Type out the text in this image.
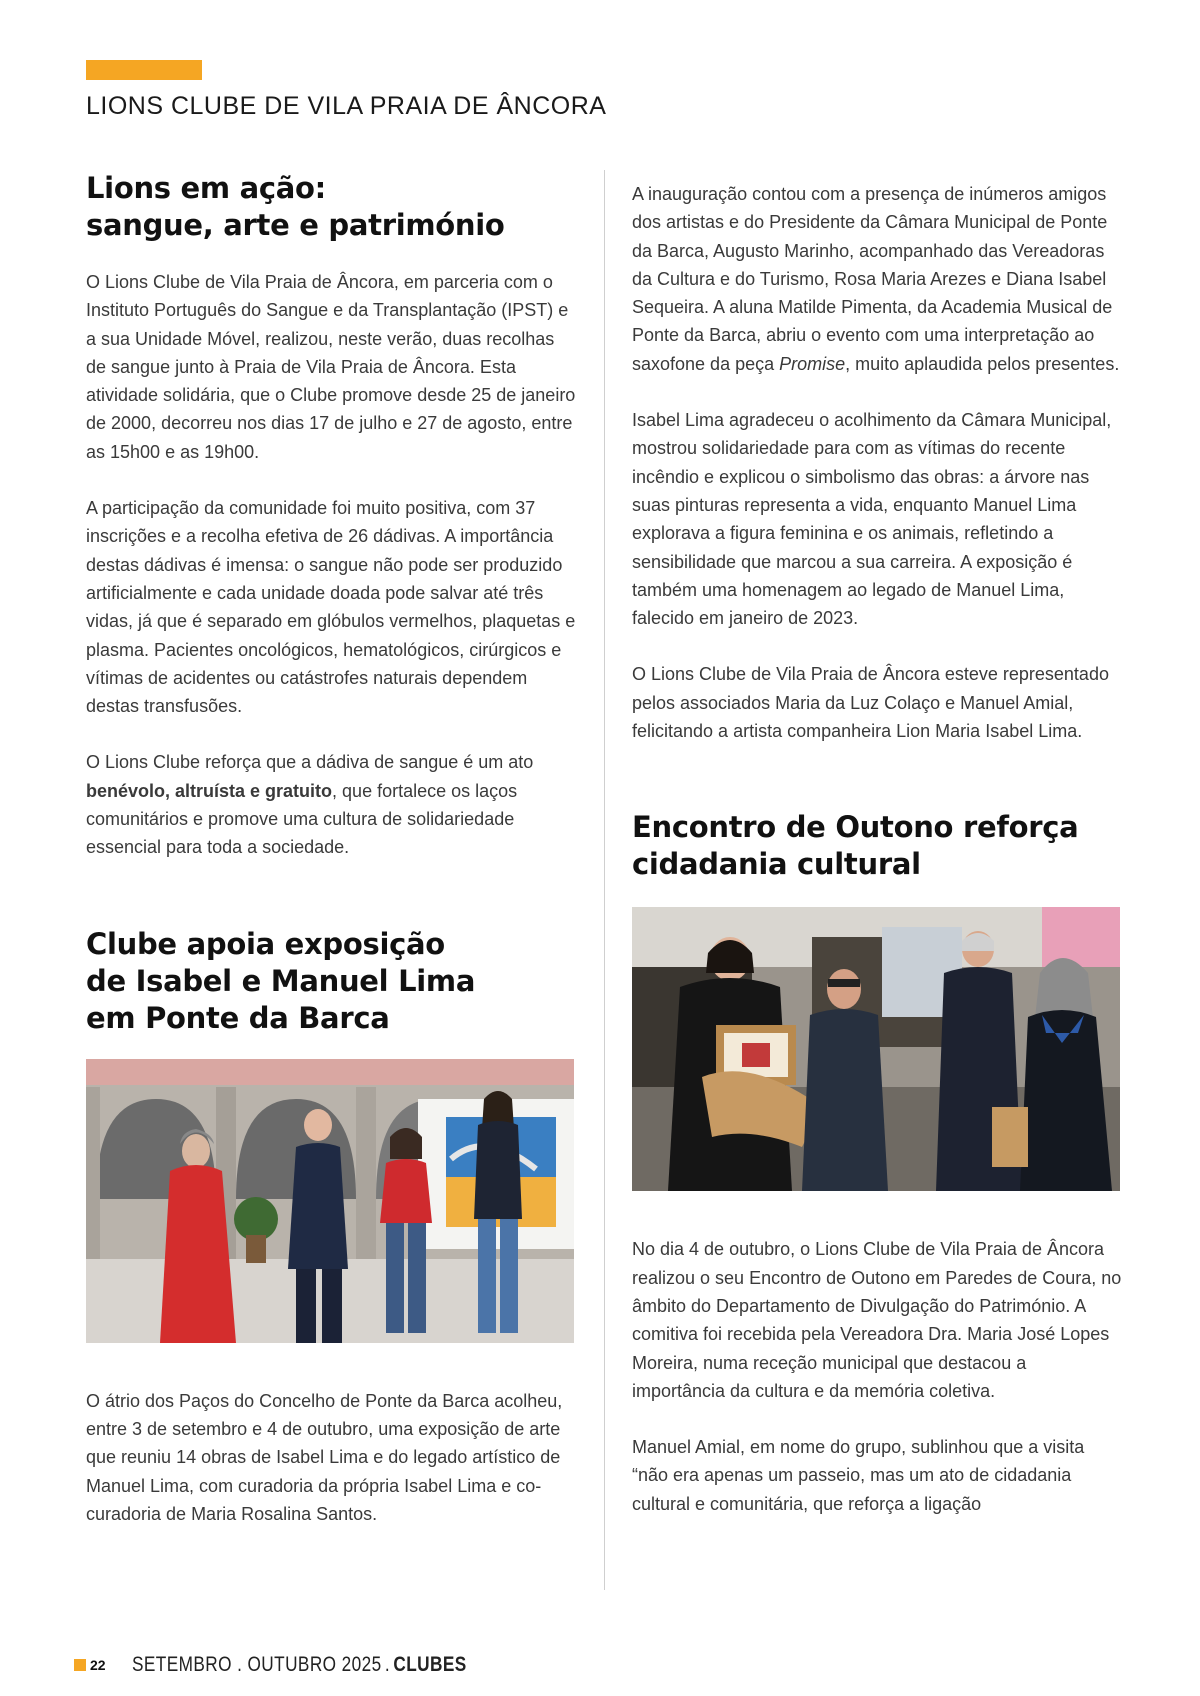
LIONS CLUBE DE VILA PRAIA DE ÂNCORA
Lions em ação:
sangue, arte e património

O Lions Clube de Vila Praia de Âncora, em parceria com o Instituto Português do Sangue e da Transplantação (IPST) e a sua Unidade Móvel, realizou, neste verão, duas recolhas de sangue junto à Praia de Vila Praia de Âncora. Esta atividade solidária, que o Clube promove desde 25 de janeiro de 2000, decorreu nos dias 17 de julho e 27 de agosto, entre as 15h00 e as 19h00.

A participação da comunidade foi muito positiva, com 37 inscrições e a recolha efetiva de 26 dádivas. A importância destas dádivas é imensa: o sangue não pode ser produzido artificialmente e cada unidade doada pode salvar até três vidas, já que é separado em glóbulos vermelhos, plaquetas e plasma. Pacientes oncológicos, hematológicos, cirúrgicos e vítimas de acidentes ou catástrofes naturais dependem destas transfusões.

O Lions Clube reforça que a dádiva de sangue é um ato benévolo, altruísta e gratuito, que fortalece os laços comunitários e promove uma cultura de solidariedade essencial para toda a sociedade.

Clube apoia exposição
de Isabel e Manuel Lima
em Ponte da Barca

O átrio dos Paços do Concelho de Ponte da Barca acolheu, entre 3 de setembro e 4 de outubro, uma exposição de arte que reuniu 14 obras de Isabel Lima e do legado artístico de Manuel Lima, com curadoria da própria Isabel Lima e co-curadoria de Maria Rosalina Santos.

A inauguração contou com a presença de inúmeros amigos dos artistas e do Presidente da Câmara Municipal de Ponte da Barca, Augusto Marinho, acompanhado das Vereadoras da Cultura e do Turismo, Rosa Maria Arezes e Diana Isabel Sequeira. A aluna Matilde Pimenta, da Academia Musical de Ponte da Barca, abriu o evento com uma interpretação ao saxofone da peça Promise, muito aplaudida pelos presentes.

Isabel Lima agradeceu o acolhimento da Câmara Municipal, mostrou solidariedade para com as vítimas do recente incêndio e explicou o simbolismo das obras: a árvore nas suas pinturas representa a vida, enquanto Manuel Lima explorava a figura feminina e os animais, refletindo a sensibilidade que marcou a sua carreira. A exposição é também uma homenagem ao legado de Manuel Lima, falecido em janeiro de 2023.

O Lions Clube de Vila Praia de Âncora esteve representado pelos associados Maria da Luz Colaço e Manuel Amial, felicitando a artista companheira Lion Maria Isabel Lima.

Encontro de Outono reforça
cidadania cultural

No dia 4 de outubro, o Lions Clube de Vila Praia de Âncora realizou o seu Encontro de Outono em Paredes de Coura, no âmbito do Departamento de Divulgação do Património. A comitiva foi recebida pela Vereadora Dra. Maria José Lopes Moreira, numa receção municipal que destacou a importância da cultura e da memória coletiva.

Manuel Amial, em nome do grupo, sublinhou que a visita “não era apenas um passeio, mas um ato de cidadania cultural e comunitária, que reforça a ligação

22 SETEMBRO . OUTUBRO 2025 . CLUBES
